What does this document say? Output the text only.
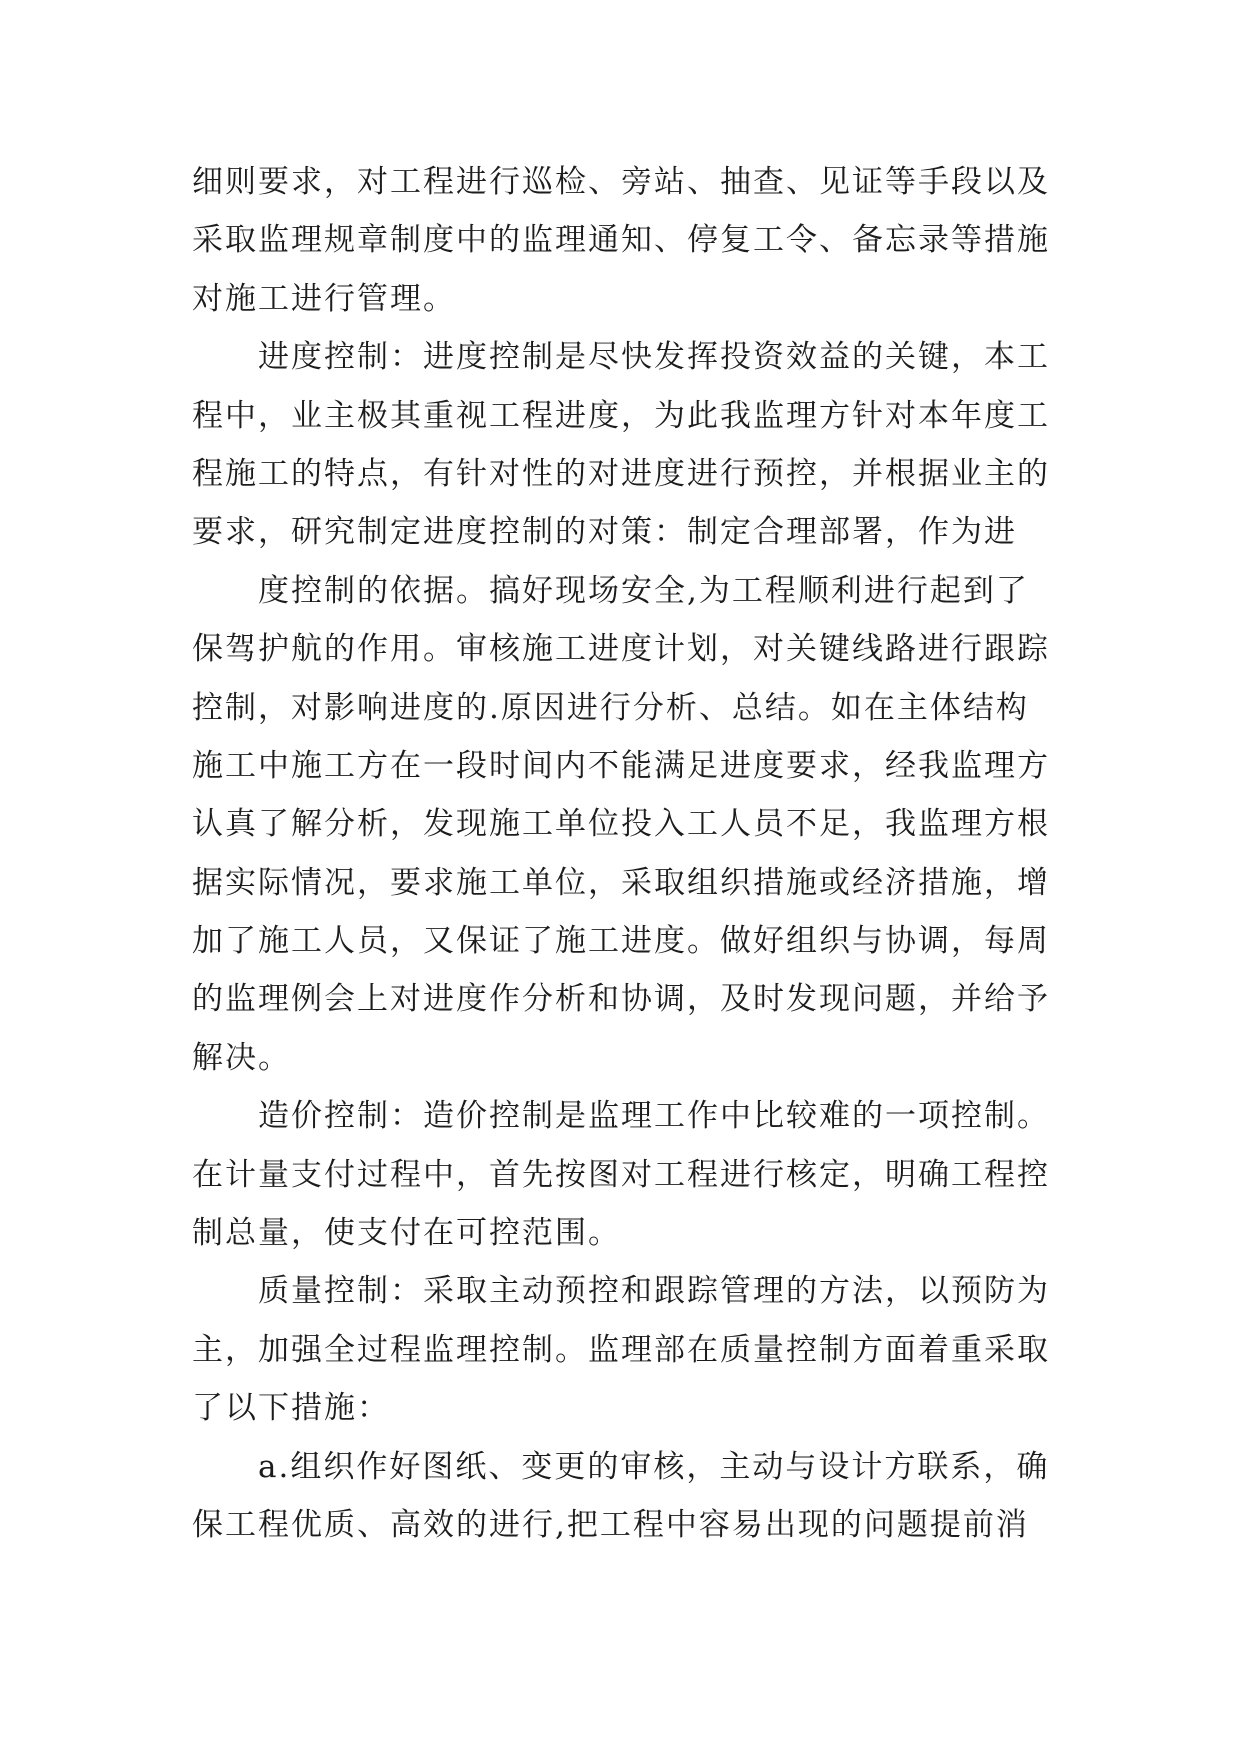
细则要求，对工程进行巡检、旁站、抽查、见证等手段以及
采取监理规章制度中的监理通知、停复工令、备忘录等措施
对施工进行管理。
进度控制：进度控制是尽快发挥投资效益的关键，本工
程中，业主极其重视工程进度，为此我监理方针对本年度工
程施工的特点，有针对性的对进度进行预控，并根据业主的
要求，研究制定进度控制的对策：制定合理部署，作为进
度控制的依据。搞好现场安全,为工程顺利进行起到了
保驾护航的作用。审核施工进度计划，对关键线路进行跟踪
控制，对影响进度的.原因进行分析、总结。如在主体结构
施工中施工方在一段时间内不能满足进度要求，经我监理方
认真了解分析，发现施工单位投入工人员不足，我监理方根
据实际情况，要求施工单位，采取组织措施或经济措施，增
加了施工人员，又保证了施工进度。做好组织与协调，每周
的监理例会上对进度作分析和协调，及时发现问题，并给予
解决。
造价控制：造价控制是监理工作中比较难的一项控制。
在计量支付过程中，首先按图对工程进行核定，明确工程控
制总量，使支付在可控范围。
质量控制：采取主动预控和跟踪管理的方法，以预防为
主，加强全过程监理控制。监理部在质量控制方面着重采取
了以下措施：
a.组织作好图纸、变更的审核，主动与设计方联系，确
保工程优质、高效的进行,把工程中容易出现的问题提前消
